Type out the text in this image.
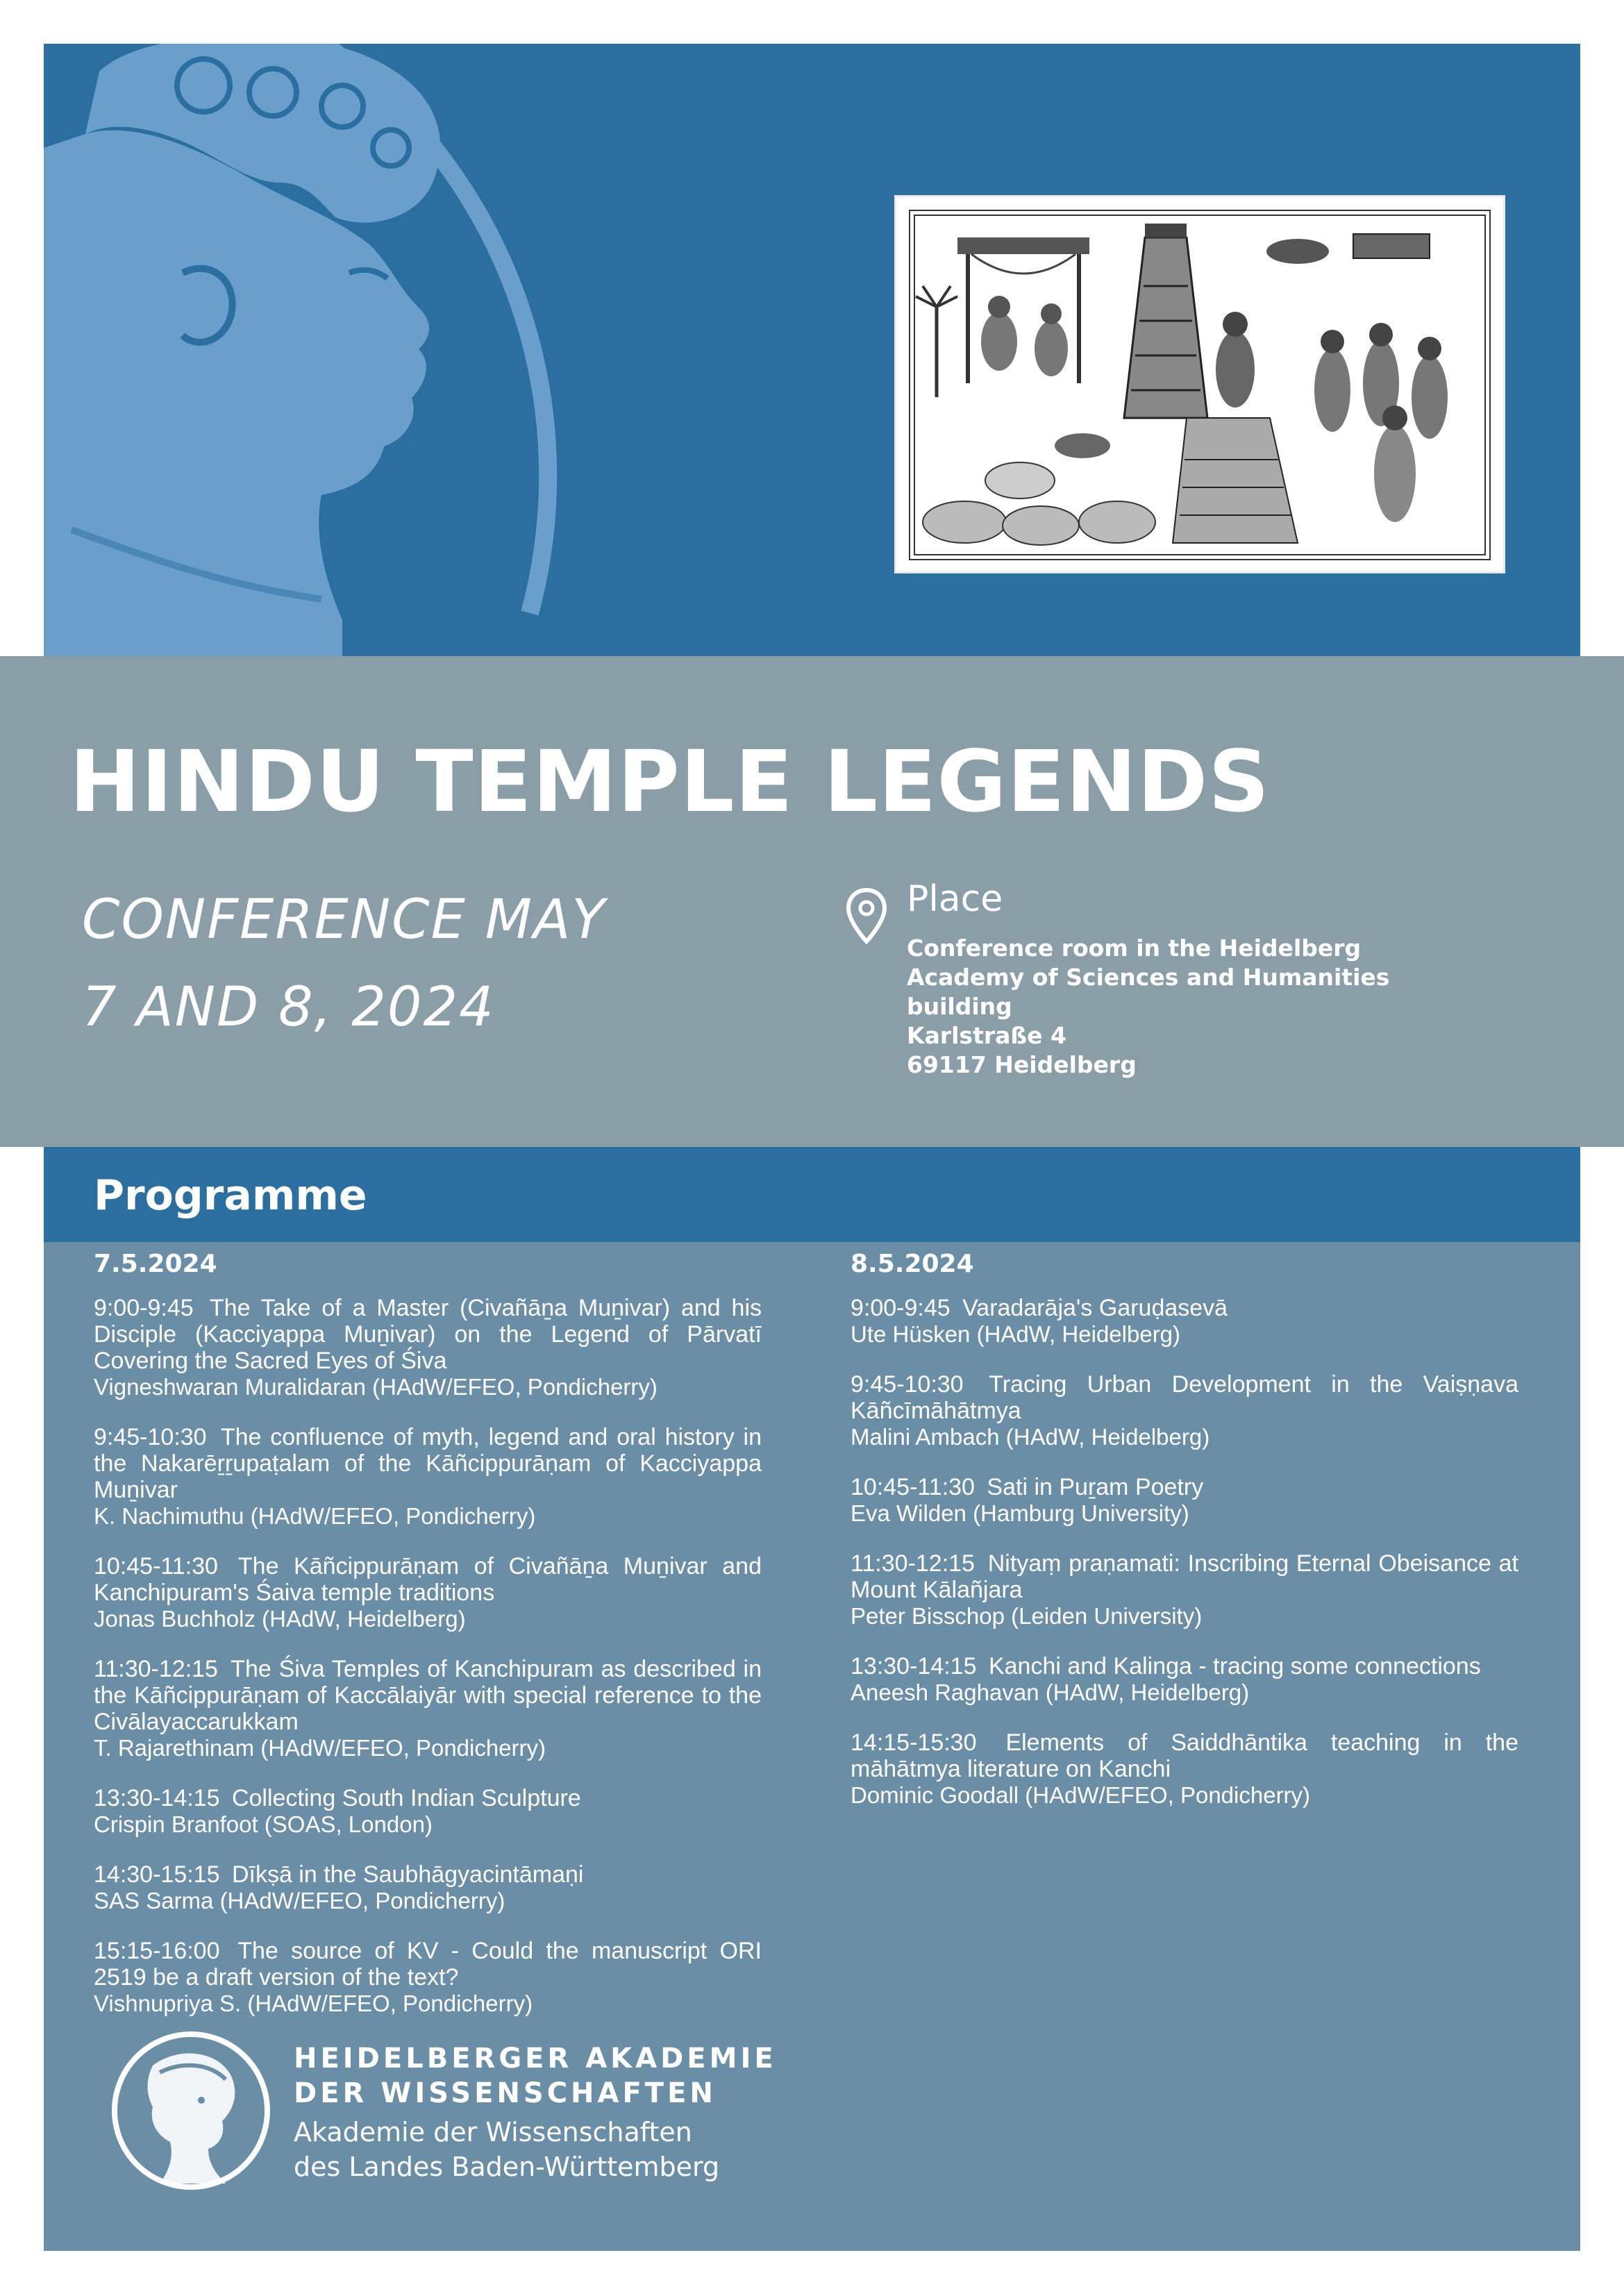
HINDU TEMPLE LEGENDS
CONFERENCE MAY
7 AND 8, 2024
Place
Conference room in the Heidelberg
Academy of Sciences and Humanities
building
Karlstraße 4
69117 Heidelberg
Programme
7.5.2024
9:00-9:45 The Take of a Master (Civañāṉa Muṉivar) and his Disciple (Kacciyappa Muṉivar) on the Legend of Pārvatī Covering the Sacred Eyes of Śiva
Vigneshwaran Muralidaran (HAdW/EFEO, Pondicherry)
9:45-10:30 The confluence of myth, legend and oral history in the Nakarēṟṟupaṭalam of the Kāñcippurāṇam of Kacciyappa Muṉivar
K. Nachimuthu (HAdW/EFEO, Pondicherry)
10:45-11:30 The Kāñcippurāṇam of Civañāṉa Muṉivar and Kanchipuram's Śaiva temple traditions
Jonas Buchholz (HAdW, Heidelberg)
11:30-12:15 The Śiva Temples of Kanchipuram as described in the Kāñcippurāṇam of Kaccālaiyār with special reference to the Civālayaccarukkam
T. Rajarethinam (HAdW/EFEO, Pondicherry)
13:30-14:15 Collecting South Indian Sculpture
Crispin Branfoot (SOAS, London)
14:30-15:15 Dīkṣā in the Saubhāgyacintāmaṇi
SAS Sarma (HAdW/EFEO, Pondicherry)
15:15-16:00 The source of KV - Could the manuscript ORI 2519 be a draft version of the text?
Vishnupriya S. (HAdW/EFEO, Pondicherry)
8.5.2024
9:00-9:45 Varadarāja's Garuḍasevā
Ute Hüsken (HAdW, Heidelberg)
9:45-10:30 Tracing Urban Development in the Vaiṣṇava Kāñcīmāhātmya
Malini Ambach (HAdW, Heidelberg)
10:45-11:30 Sati in Puṟam Poetry
Eva Wilden (Hamburg University)
11:30-12:15 Nityaṃ praṇamati: Inscribing Eternal Obeisance at Mount Kālañjara
Peter Bisschop (Leiden University)
13:30-14:15 Kanchi and Kalinga - tracing some connections
Aneesh Raghavan (HAdW, Heidelberg)
14:15-15:30 Elements of Saiddhāntika teaching in the māhātmya literature on Kanchi
Dominic Goodall (HAdW/EFEO, Pondicherry)
HEIDELBERGER AKADEMIE
DER WISSENSCHAFTEN
Akademie der Wissenschaften
des Landes Baden-Württemberg
